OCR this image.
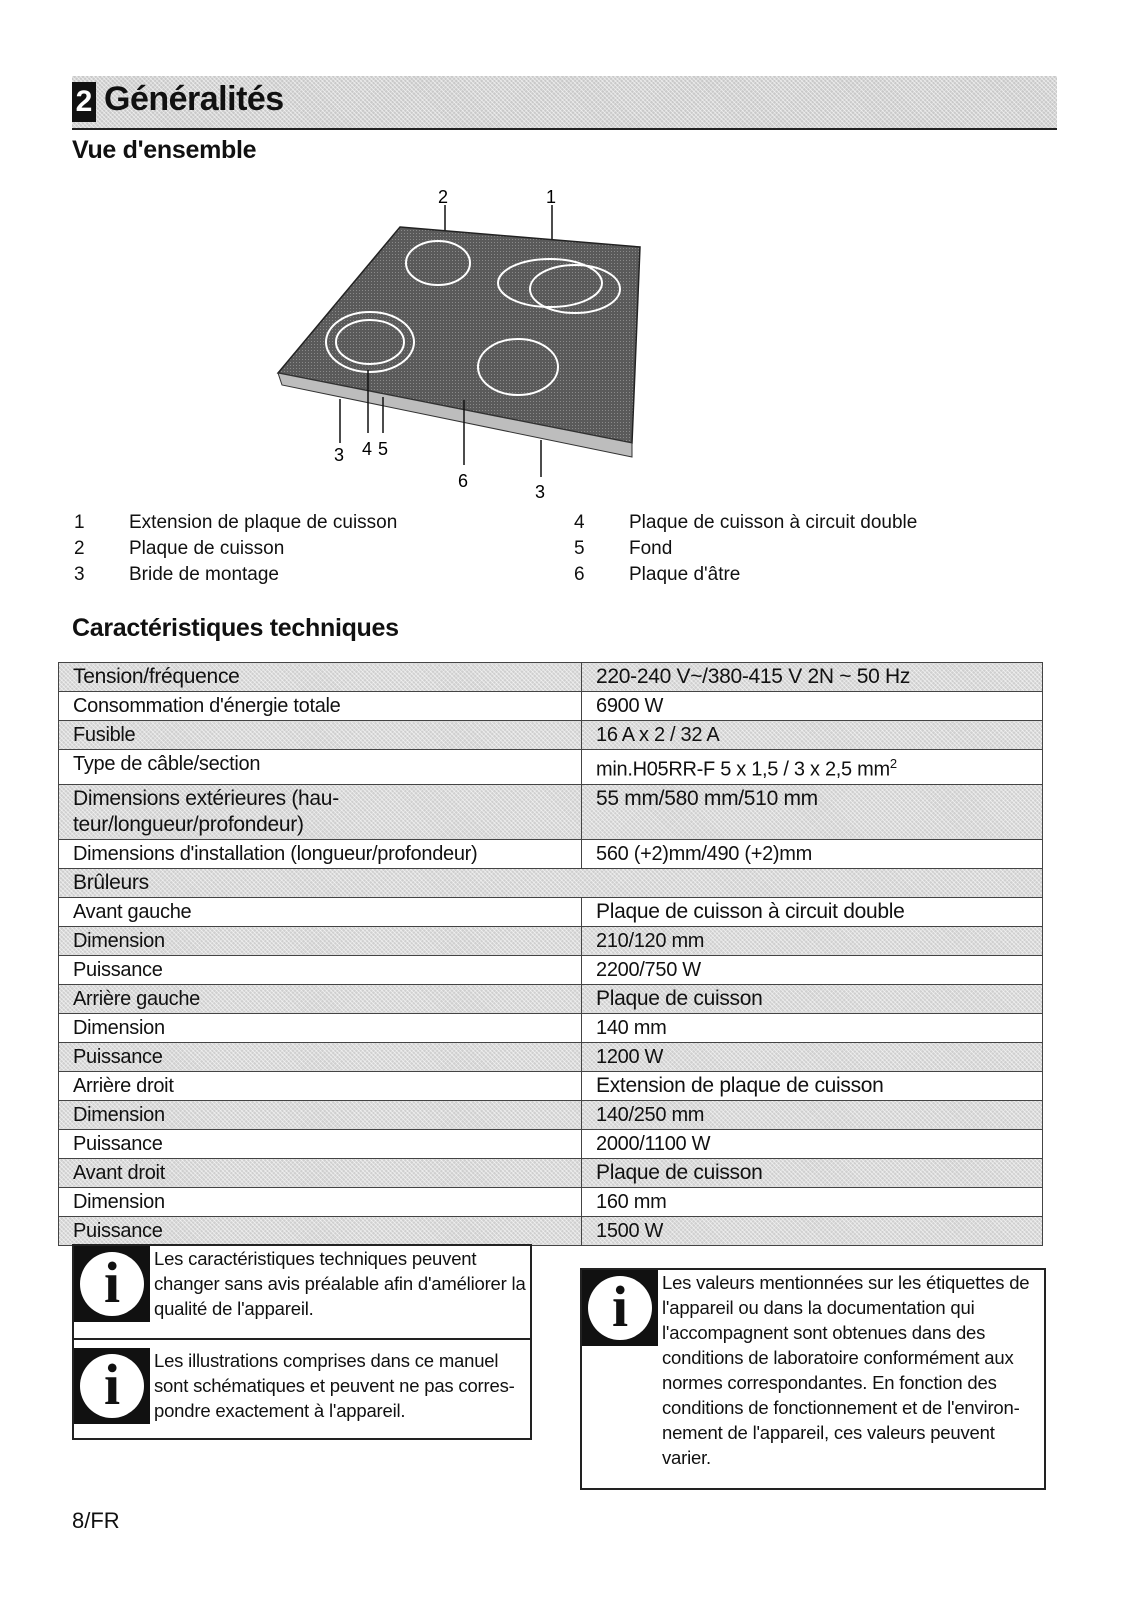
2 Généralités
Vue d'ensemble
2	1
3 4 5
6
3
1	Extension de plaque de cuisson
2	Plaque de cuisson
3	Bride de montage
4	Plaque de cuisson à circuit double
5	Fond
6	Plaque d'âtre
Caractéristiques techniques
Tension/fréquence	220-240 V~/380-415 V 2N ~ 50 Hz
Consommation d'énergie totale	6900 W
Fusible	16 A x 2 / 32 A
Type de câble/section	min.H05RR-F 5 x 1,5 / 3 x 2,5 $mm^2$
Dimensions extérieures (hau-teur/longueur/profondeur)	55 mm/580 mm/510 mm
Dimensions d'installation (longueur/profondeur)	560 (+2)mm/490 (+2)mm
Brûleurs	
Avant gauche	Plaque de cuisson à circuit double
Dimension	210/120 mm
Puissance	2200/750 W
Arrière gauche	Plaque de cuisson
Dimension	140 mm
Puissance	1200 W
Arrière droit	Extension de plaque de cuisson
Dimension	140/250 mm
Puissance	2000/1100 W
Avant droit	Plaque de cuisson
Dimension	160 mm
Puissance	1500 W
i	Les caractéristiques techniques peuvent changer sans avis préalable afin d'améliorer la qualité de l'appareil.
i	Les illustrations comprises dans ce manuel sont schématiques et peuvent ne pas corres-pondre exactement à l'appareil.
i	Les valeurs mentionnées sur les étiquettes de l'appareil ou dans la documentation qui l'accompagnent sont obtenues dans des conditions de laboratoire conformément aux normes correspondantes. En fonction des conditions de fonctionnement et de l'environ-nement de l'appareil, ces valeurs peuvent varier.
8/FR
